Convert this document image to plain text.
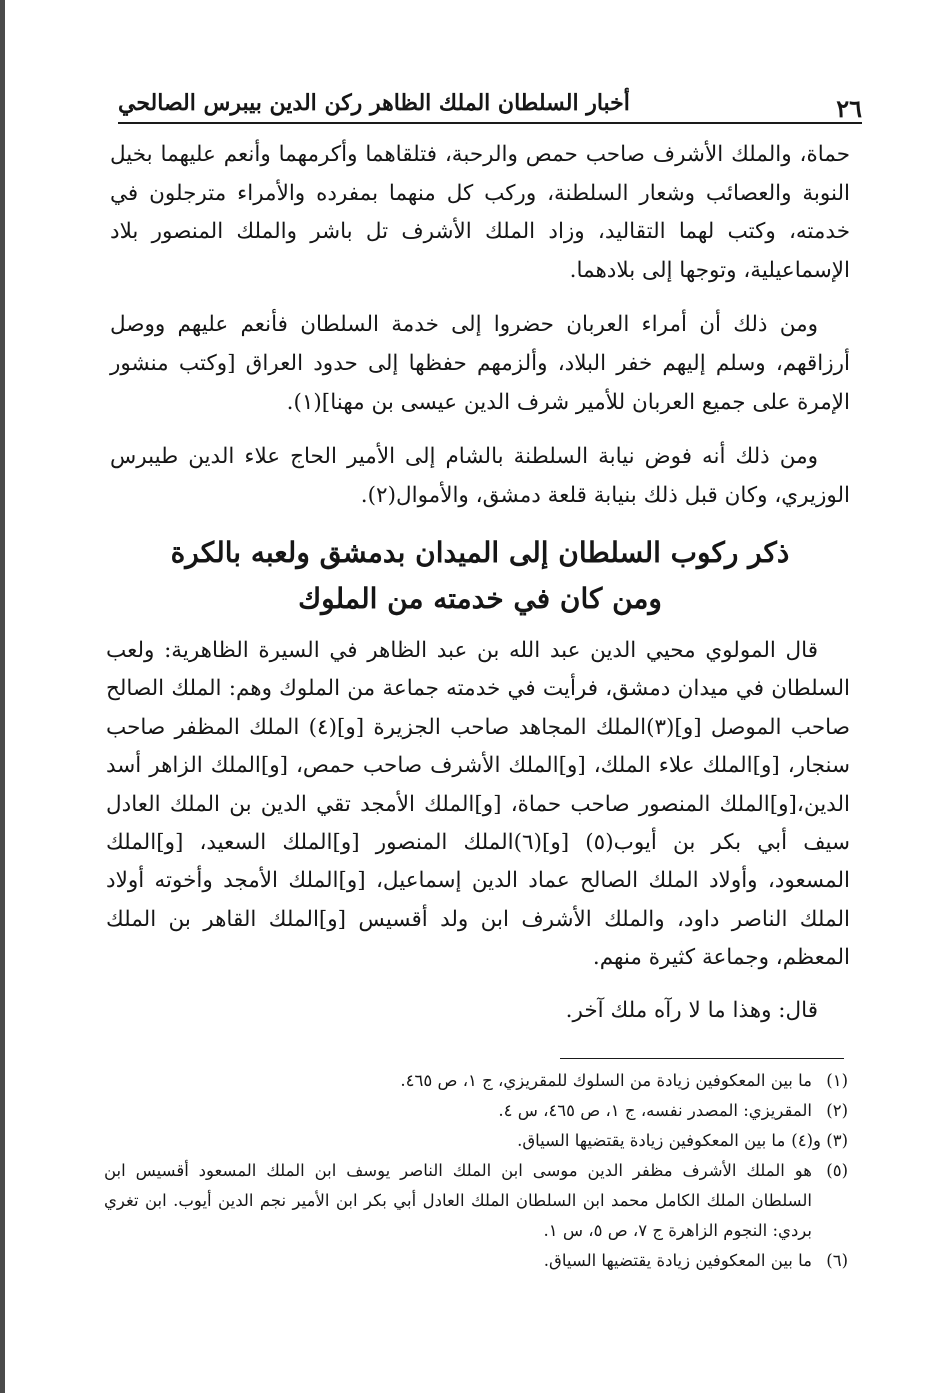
٢٦
أخبار السلطان الملك الظاهر ركن الدين بيبرس الصالحي

حماة، والملك الأشرف صاحب حمص والرحبة، فتلقاهما وأكرمهما وأنعم عليهما بخيل النوبة والعصائب وشعار السلطنة، وركب كل منهما بمفرده والأمراء مترجلون في خدمته، وكتب لهما التقاليد، وزاد الملك الأشرف تل باشر والملك المنصور بلاد الإسماعيلية، وتوجها إلى بلادهما.

ومن ذلك أن أمراء العربان حضروا إلى خدمة السلطان فأنعم عليهم ووصل أرزاقهم، وسلم إليهم خفر البلاد، وألزمهم حفظها إلى حدود العراق [وكتب منشور الإمرة على جميع العربان للأمير شرف الدين عيسى بن مهنا](١).

ومن ذلك أنه فوض نيابة السلطنة بالشام إلى الأمير الحاج علاء الدين طيبرس الوزيري، وكان قبل ذلك بنيابة قلعة دمشق، والأموال(٢).

ذكر ركوب السلطان إلى الميدان بدمشق ولعبه بالكرة
ومن كان في خدمته من الملوك

قال المولوي محيي الدين عبد الله بن عبد الظاهر في السيرة الظاهرية: ولعب السلطان في ميدان دمشق، فرأيت في خدمته جماعة من الملوك وهم: الملك الصالح صاحب الموصل [و](٣)الملك المجاهد صاحب الجزيرة [و](٤) الملك المظفر صاحب سنجار، [و]الملك علاء الملك، [و]الملك الأشرف صاحب حمص، [و]الملك الزاهر أسد الدين،[و]الملك المنصور صاحب حماة، [و]الملك الأمجد تقي الدين بن الملك العادل سيف أبي بكر بن أيوب(٥) [و](٦)الملك المنصور [و]الملك السعيد، [و]الملك المسعود، وأولاد الملك الصالح عماد الدين إسماعيل، [و]الملك الأمجد وأخوته أولاد الملك الناصر داود، والملك الأشرف ابن ولد أقسيس [و]الملك القاهر بن الملك المعظم، وجماعة كثيرة منهم.

قال: وهذا ما لا رآه ملك آخر.

(١)
ما بين المعكوفين زيادة من السلوك للمقريزي، ج ١، ص ٤٦٥.
(٢)
المقريزي: المصدر نفسه، ج ١، ص ٤٦٥، س ٤.
(٣) و(٤)
ما بين المعكوفين زيادة يقتضيها السياق.
(٥)
هو الملك الأشرف مظفر الدين موسى ابن الملك الناصر يوسف ابن الملك المسعود أقسيس ابن السلطان الملك الكامل محمد ابن السلطان الملك العادل أبي بكر ابن الأمير نجم الدين أيوب. ابن تغري بردي: النجوم الزاهرة ج ٧، ص ٥، س ١.
(٦)
ما بين المعكوفين زيادة يقتضيها السياق.
